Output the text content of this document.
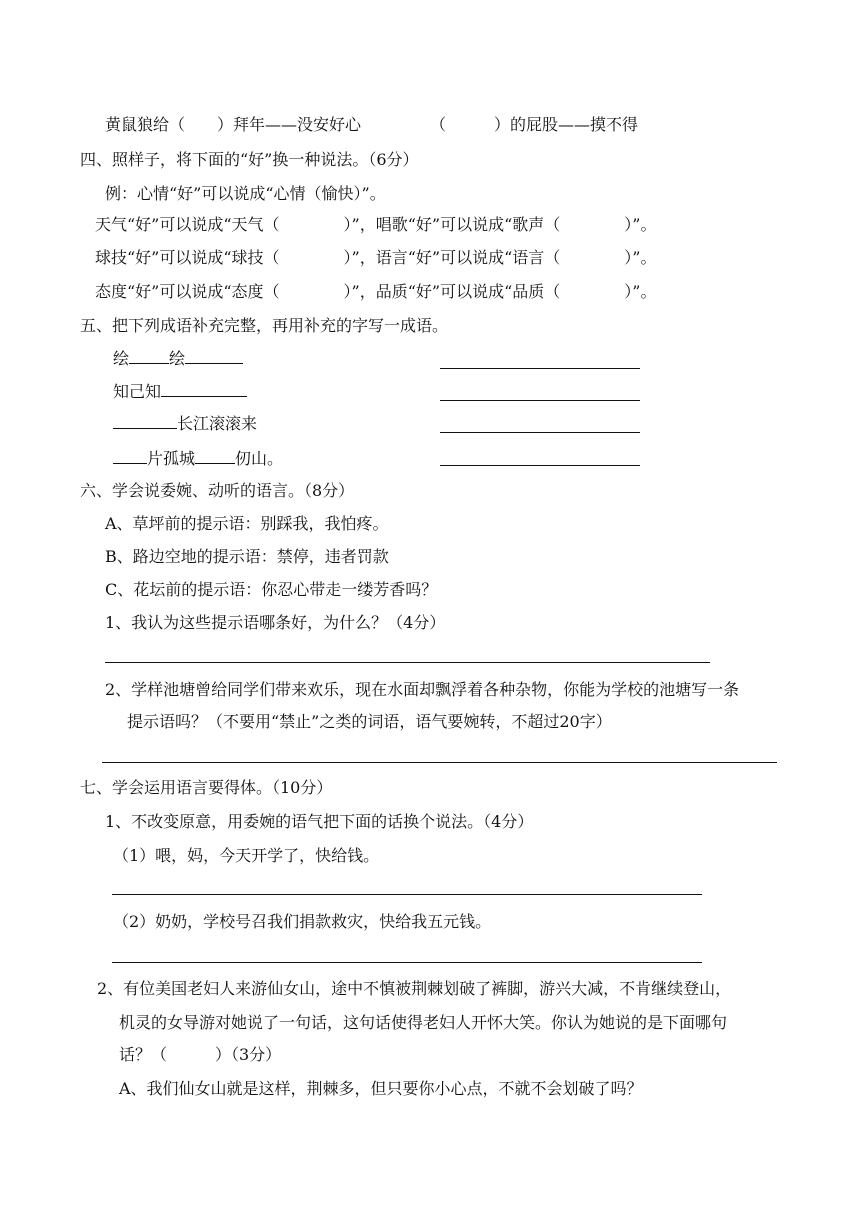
黄鼠狼给（　　）拜年——没安好心	（　　　）的屁股——摸不得
四、照样子，将下面的“好”换一种说法。（6分）
例：心情“好”可以说成“心情（愉快）”。
天气“好”可以说成“天气（　　　　）”，唱歌“好”可以说成“歌声（　　　　）”。
球技“好”可以说成“球技（　　　　）”，语言“好”可以说成“语言（　　　　）”。
态度“好”可以说成“态度（　　　　）”，品质“好”可以说成“品质（　　　　）”。
五、把下列成语补充完整，再用补充的字写一成语。
绘	绘
知己知
长江滚滚来
片孤城	仞山。
六、学会说委婉、动听的语言。（8分）
A、草坪前的提示语：别踩我，我怕疼。
B、路边空地的提示语：禁停，违者罚款
C、花坛前的提示语：你忍心带走一缕芳香吗？
1、我认为这些提示语哪条好，为什么？（4分）
2、学样池塘曾给同学们带来欢乐，现在水面却飘浮着各种杂物，你能为学校的池塘写一条
提示语吗？（不要用“禁止”之类的词语，语气要婉转，不超过20字）
七、学会运用语言要得体。（10分）
1、不改变原意，用委婉的语气把下面的话换个说法。（4分）
（1）喂，妈，今天开学了，快给钱。
（2）奶奶，学校号召我们捐款救灾，快给我五元钱。
2、有位美国老妇人来游仙女山，途中不慎被荆棘划破了裤脚，游兴大减，不肯继续登山，
机灵的女导游对她说了一句话，这句话使得老妇人开怀大笑。你认为她说的是下面哪句
话？（　　　）（3分）
A、我们仙女山就是这样，荆棘多，但只要你小心点，不就不会划破了吗？
